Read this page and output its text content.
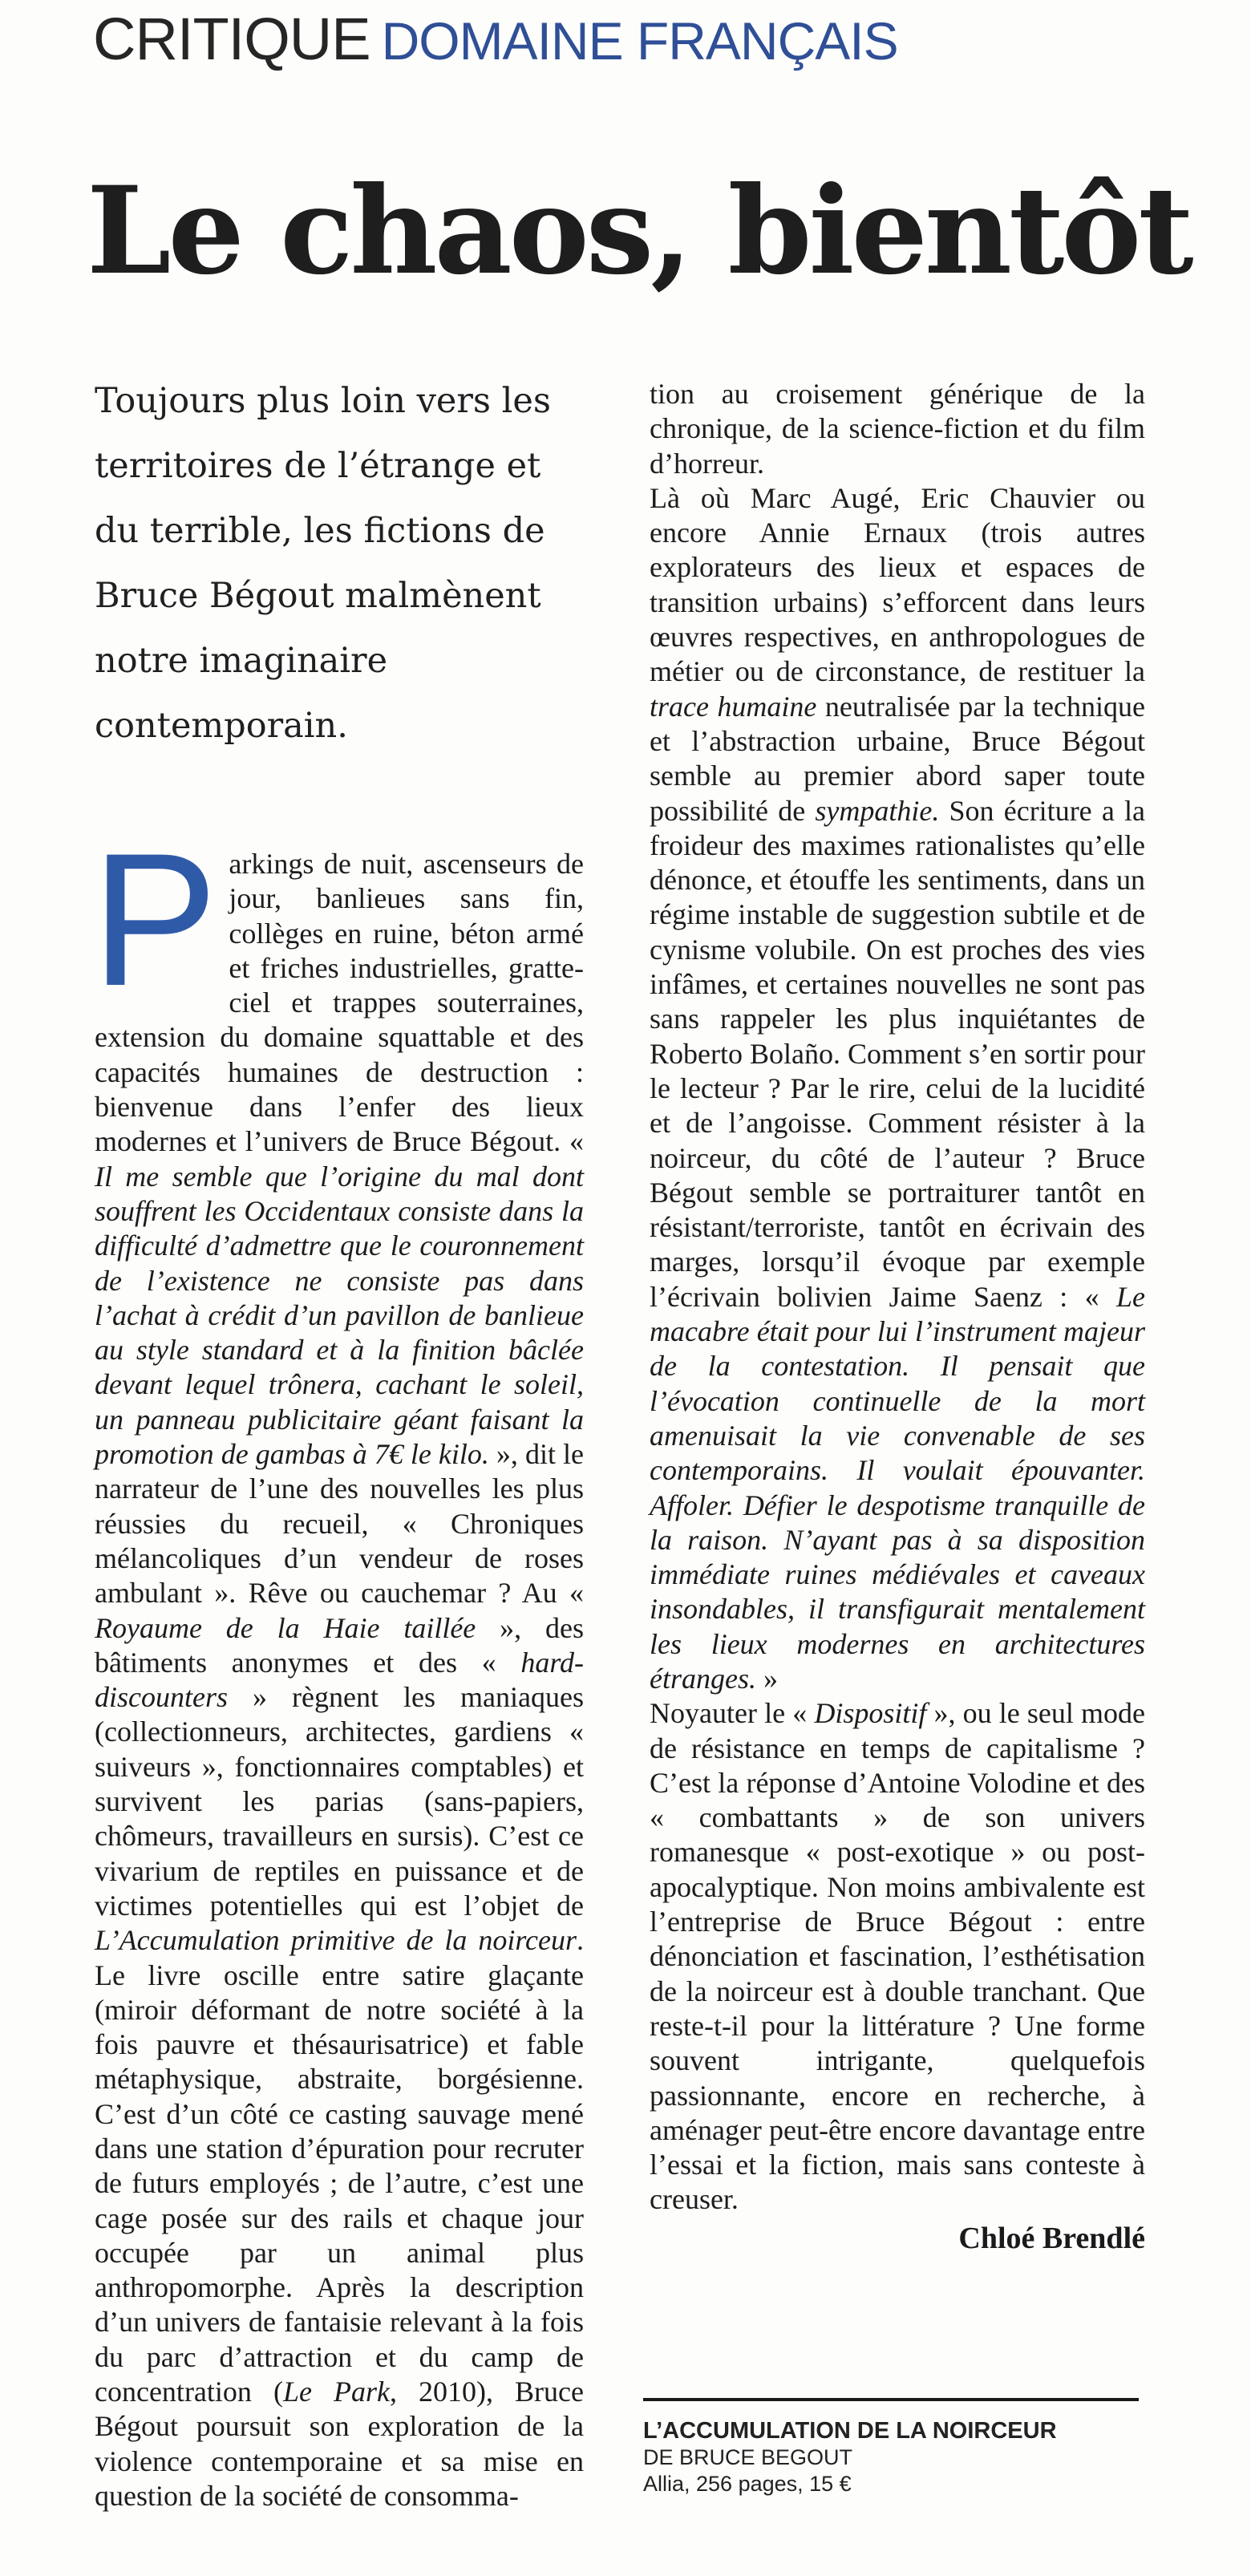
CRITIQUE DOMAINE FRANÇAIS
Le chaos, bientôt

Toujours plus loin vers les territoires de l’étrange et du terrible, les fictions de Bruce Bégout malmènent notre imaginaire contemporain.

P arkings de nuit, ascenseurs de jour, banlieues sans fin, collèges en ruine, béton armé et friches industrielles, gratte-ciel et trappes souterraines, extension du domaine squattable et des capacités humaines de destruction : bienvenue dans l’enfer des lieux modernes et l’univers de Bruce Bégout. « Il me semble que l’origine du mal dont souffrent les Occidentaux consiste dans la difficulté d’admettre que le couronnement de l’existence ne consiste pas dans l’achat à crédit d’un pavillon de banlieue au style standard et à la finition bâclée devant lequel trônera, cachant le soleil, un panneau publicitaire géant faisant la promotion de gambas à 7€ le kilo. », dit le narrateur de l’une des nouvelles les plus réussies du recueil, « Chroniques mélancoliques d’un vendeur de roses ambulant ». Rêve ou cauchemar ? Au « Royaume de la Haie taillée », des bâtiments anonymes et des « hard-discounters » règnent les maniaques (collectionneurs, architectes, gardiens « suiveurs », fonctionnaires comptables) et survivent les parias (sans-papiers, chômeurs, travailleurs en sursis). C’est ce vivarium de reptiles en puissance et de victimes potentielles qui est l’objet de L’Accumulation primitive de la noirceur. Le livre oscille entre satire glaçante (miroir déformant de notre société à la fois pauvre et thésaurisatrice) et fable métaphysique, abstraite, borgésienne. C’est d’un côté ce casting sauvage mené dans une station d’épuration pour recruter de futurs employés ; de l’autre, c’est une cage posée sur des rails et chaque jour occupée par un animal plus anthropomorphe. Après la description d’un univers de fantaisie relevant à la fois du parc d’attraction et du camp de concentration (Le Park, 2010), Bruce Bégout poursuit son exploration de la violence contemporaine et sa mise en question de la société de consomma-

tion au croisement générique de la chronique, de la science-fiction et du film d’horreur.

Là où Marc Augé, Eric Chauvier ou encore Annie Ernaux (trois autres explorateurs des lieux et espaces de transition urbains) s’efforcent dans leurs œuvres respectives, en anthropologues de métier ou de circonstance, de restituer la trace humaine neutralisée par la technique et l’abstraction urbaine, Bruce Bégout semble au premier abord saper toute possibilité de sympathie. Son écriture a la froideur des maximes rationalistes qu’elle dénonce, et étouffe les sentiments, dans un régime instable de suggestion subtile et de cynisme volubile. On est proches des vies infâmes, et certaines nouvelles ne sont pas sans rappeler les plus inquiétantes de Roberto Bolaño. Comment s’en sortir pour le lecteur ? Par le rire, celui de la lucidité et de l’angoisse. Comment résister à la noirceur, du côté de l’auteur ? Bruce Bégout semble se portraiturer tantôt en résistant/terroriste, tantôt en écrivain des marges, lorsqu’il évoque par exemple l’écrivain bolivien Jaime Saenz : « Le macabre était pour lui l’instrument majeur de la contestation. Il pensait que l’évocation continuelle de la mort amenuisait la vie convenable de ses contemporains. Il voulait épouvanter. Affoler. Défier le despotisme tranquille de la raison. N’ayant pas à sa disposition immédiate ruines médiévales et caveaux insondables, il transfigurait mentalement les lieux modernes en architectures étranges. »

Noyauter le « Dispositif », ou le seul mode de résistance en temps de capitalisme ? C’est la réponse d’Antoine Volodine et des « combattants » de son univers romanesque « post-exotique » ou post-apocalyptique. Non moins ambivalente est l’entreprise de Bruce Bégout : entre dénonciation et fascination, l’esthétisation de la noirceur est à double tranchant. Que reste-t-il pour la littérature ? Une forme souvent intrigante, quelquefois passionnante, encore en recherche, à aménager peut-être encore davantage entre l’essai et la fiction, mais sans conteste à creuser.

Chloé Brendlé

L’ACCUMULATION DE LA NOIRCEUR
DE BRUCE BEGOUT
Allia, 256 pages, 15 €
